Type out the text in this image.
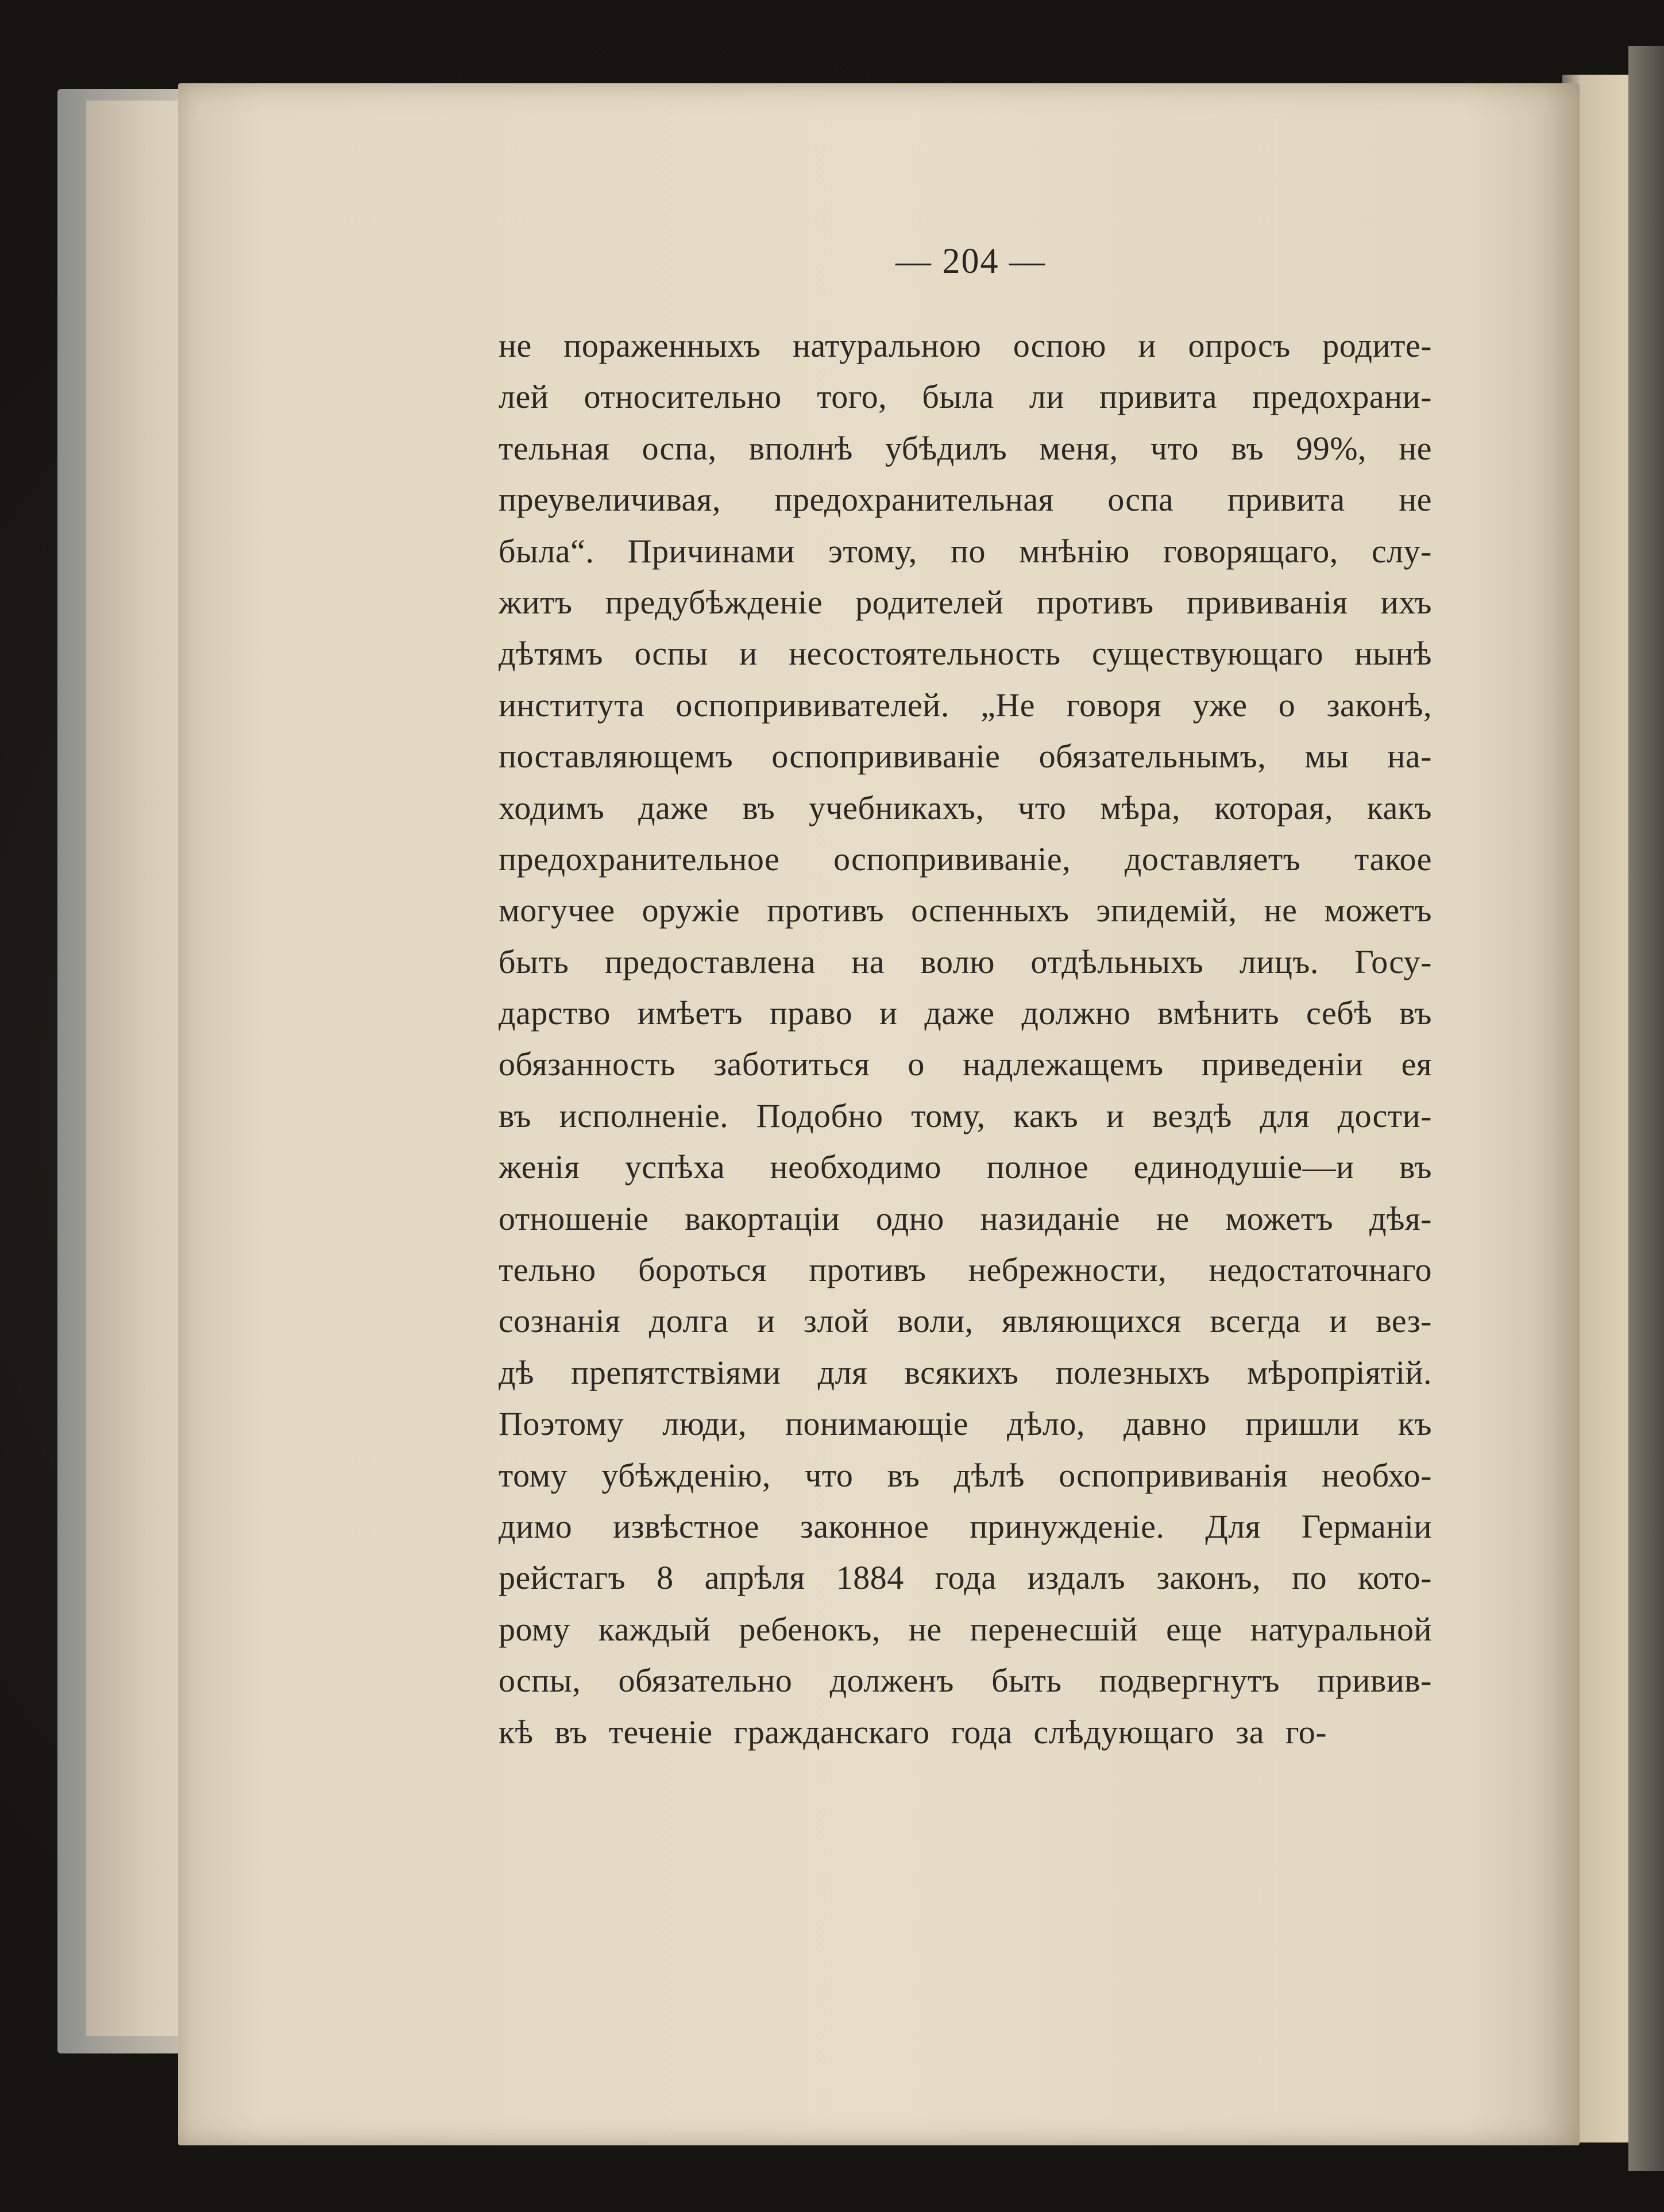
— 204 —
не пораженныхъ натуральною оспою и опросъ родите-
лей относительно того, была ли привита предохрани-
тельная оспа, вполнѣ убѣдилъ меня, что въ 99%, не
преувеличивая, предохранительная оспа привита не
была“. Причинами этому, по мнѣнiю говорящаго, слу-
житъ предубѣжденiе родителей противъ прививанiя ихъ
дѣтямъ оспы и несостоятельность существующаго нынѣ
института оспопрививателей. „Не говоря уже о законѣ,
поставляющемъ оспопрививанiе обязательнымъ, мы на-
ходимъ даже въ учебникахъ, что мѣра, которая, какъ
предохранительное оспопрививанiе, доставляетъ такое
могучее оружiе противъ оспенныхъ эпидемiй, не можетъ
быть предоставлена на волю отдѣльныхъ лицъ. Госу-
дарство имѣетъ право и даже должно вмѣнить себѣ въ
обязанность заботиться о надлежащемъ приведенiи ея
въ исполненiе. Подобно тому, какъ и вездѣ для дости-
женiя успѣха необходимо полное единодушiе—и въ
отношенiе вакортацiи одно назиданiе не можетъ дѣя-
тельно бороться противъ небрежности, недостаточнаго
сознанiя долга и злой воли, являющихся всегда и вез-
дѣ препятствiями для всякихъ полезныхъ мѣропрiятiй.
Поэтому люди, понимающiе дѣло, давно пришли къ
тому убѣжденiю, что въ дѣлѣ оспопрививанiя необхо-
димо извѣстное законное принужденiе. Для Германiи
рейстагъ 8 апрѣля 1884 года издалъ законъ, по кото-
рому каждый ребенокъ, не перенесшiй еще натуральной
оспы, обязательно долженъ быть подвергнутъ привив-
кѣ въ теченiе гражданскаго года слѣдующаго за го-
